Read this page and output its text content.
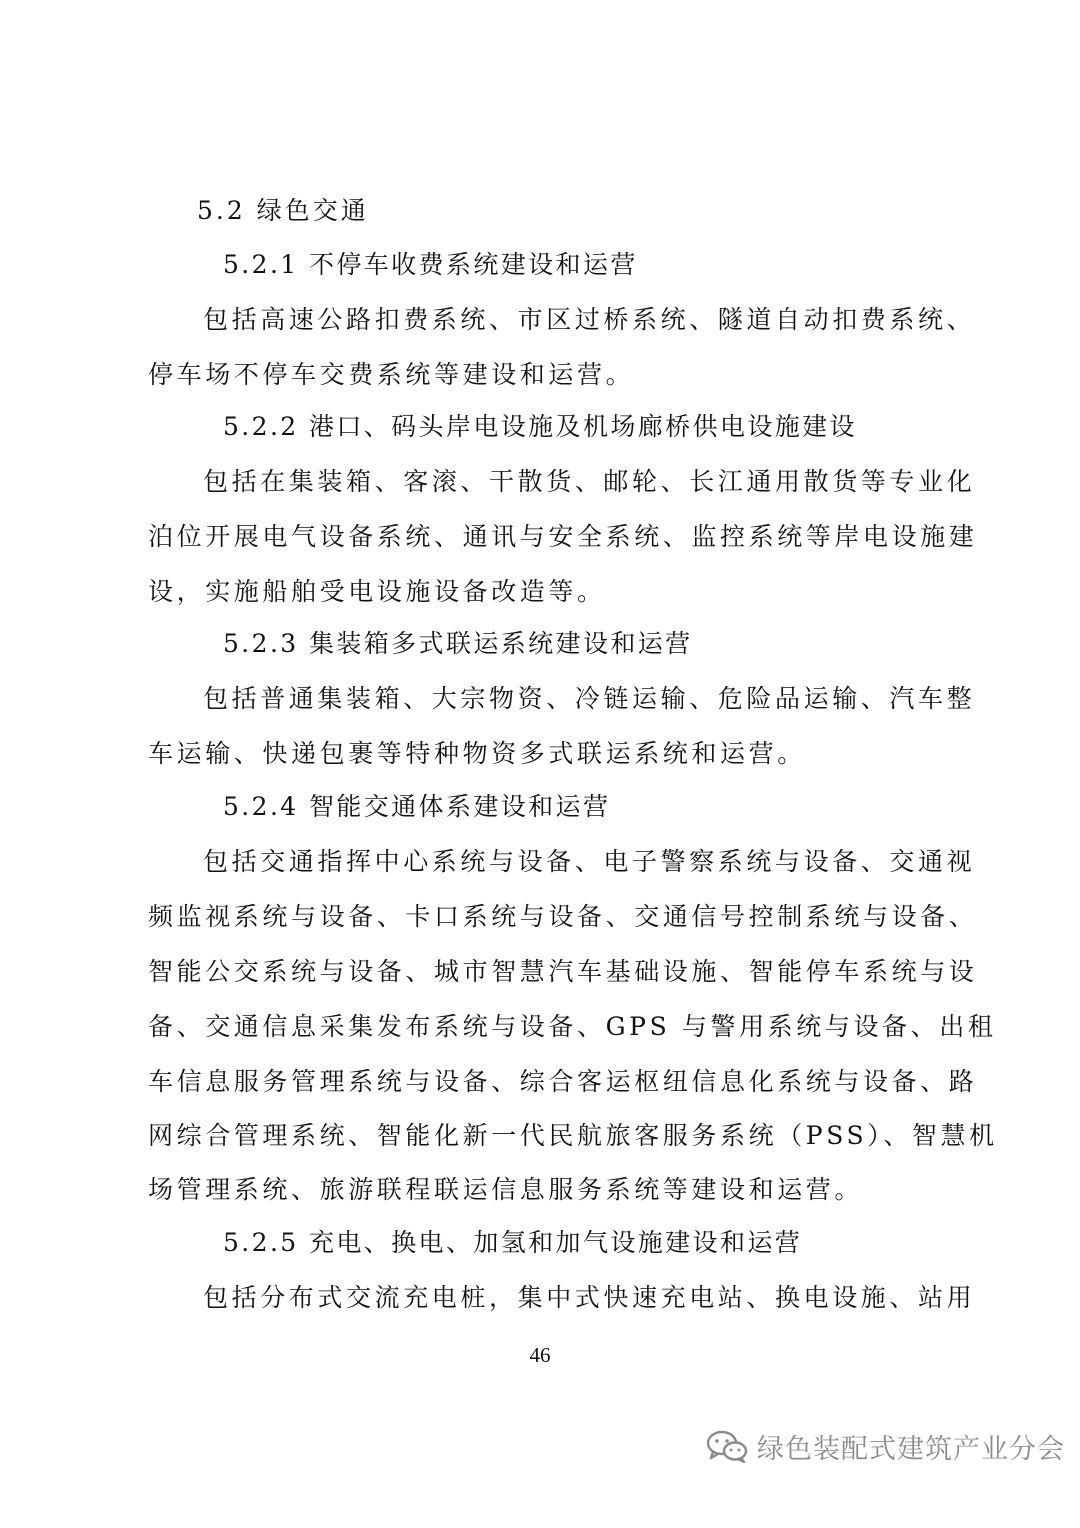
5.2 绿色交通
5.2.1 不停车收费系统建设和运营
包括高速公路扣费系统、市区过桥系统、隧道自动扣费系统、
停车场不停车交费系统等建设和运营。
5.2.2 港口、码头岸电设施及机场廊桥供电设施建设
包括在集装箱、客滚、干散货、邮轮、长江通用散货等专业化
泊位开展电气设备系统、通讯与安全系统、监控系统等岸电设施建
设，实施船舶受电设施设备改造等。
5.2.3 集装箱多式联运系统建设和运营
包括普通集装箱、大宗物资、冷链运输、危险品运输、汽车整
车运输、快递包裹等特种物资多式联运系统和运营。
5.2.4 智能交通体系建设和运营
包括交通指挥中心系统与设备、电子警察系统与设备、交通视
频监视系统与设备、卡口系统与设备、交通信号控制系统与设备、
智能公交系统与设备、城市智慧汽车基础设施、智能停车系统与设
备、交通信息采集发布系统与设备、GPS 与警用系统与设备、出租
车信息服务管理系统与设备、综合客运枢纽信息化系统与设备、路
网综合管理系统、智能化新一代民航旅客服务系统（PSS）、智慧机
场管理系统、旅游联程联运信息服务系统等建设和运营。
5.2.5 充电、换电、加氢和加气设施建设和运营
包括分布式交流充电桩，集中式快速充电站、换电设施、站用
46
绿色装配式建筑产业分会
